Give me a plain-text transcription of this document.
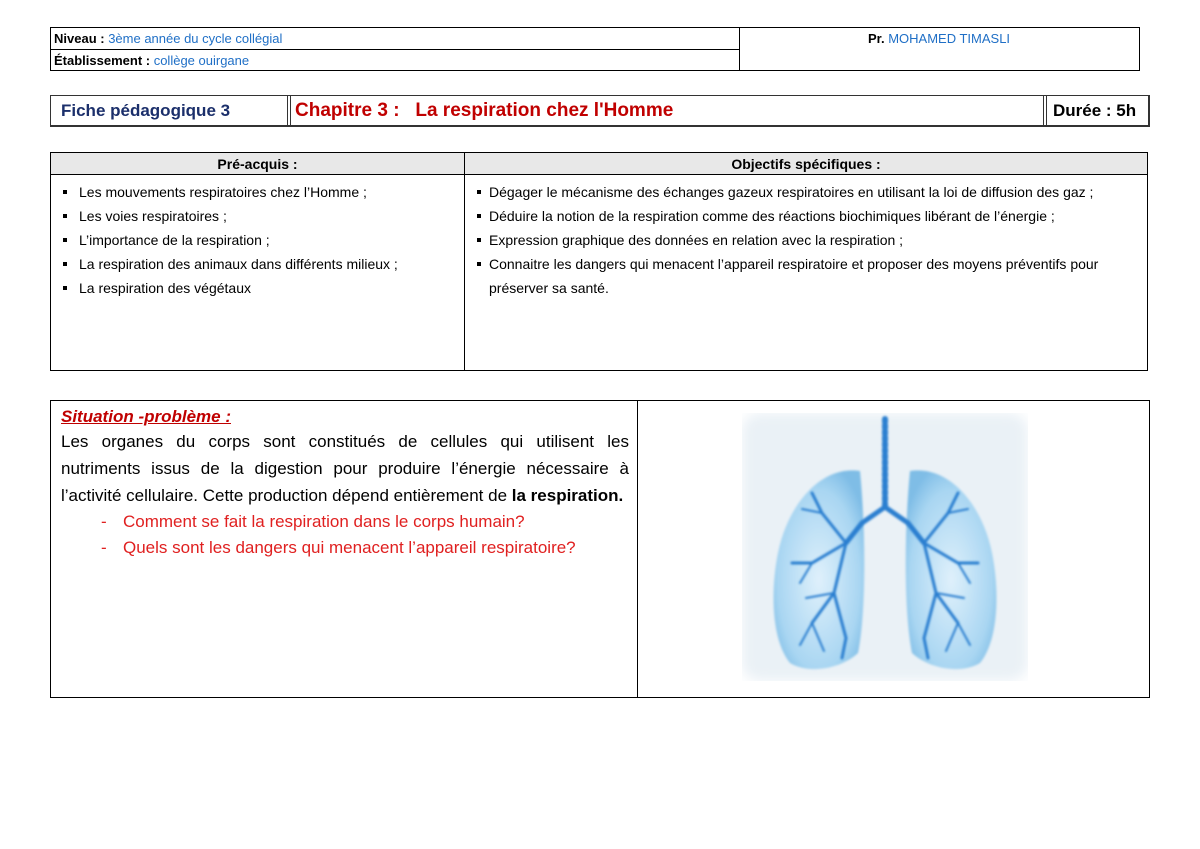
Niveau : 3ème année du cycle collégial
Établissement : collège ouirgane
Pr. MOHAMED TIMASLI
Fiche pédagogique 3	Chapitre 3 :   La respiration chez l'Homme	Durée : 5h
Pré-acquis :	Objectifs spécifiques :
Les mouvements respiratoires chez l’Homme ;
Les voies respiratoires ;
L’importance de la respiration ;
La respiration des animaux dans différents milieux ;
La respiration des végétaux
Dégager le mécanisme des échanges gazeux respiratoires en utilisant la loi de diffusion des gaz ;
Déduire la notion de la respiration comme des réactions biochimiques libérant de l’énergie ;
Expression graphique des données en relation avec la respiration ;
Connaitre les dangers qui menacent l’appareil respiratoire et proposer des moyens préventifs pour préserver sa santé.
Situation -problème :

Les organes du corps sont constitués de cellules qui utilisent les   nutriments issus de la digestion pour produire l’énergie nécessaire à l’activité cellulaire. Cette production dépend entièrement de la respiration.

- Comment se fait la respiration dans le corps humain?
- Quels sont les dangers qui menacent l’appareil respiratoire?
